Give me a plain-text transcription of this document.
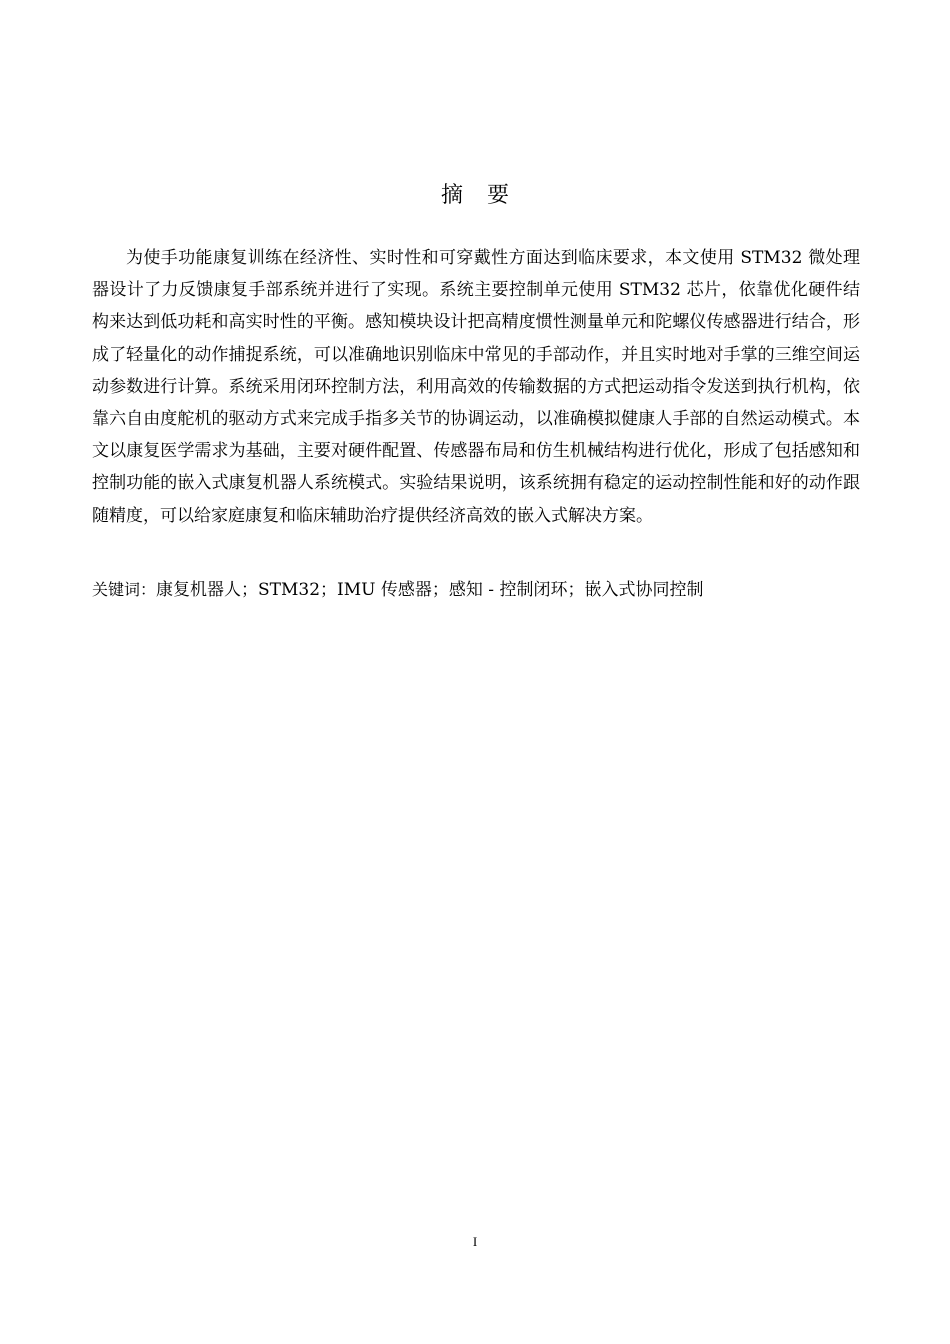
摘要

为使手功能康复训练在经济性、实时性和可穿戴性方面达到临床要求，本文使用 STM32 微处理器设计了力反馈康复手部系统并进行了实现。系统主要控制单元使用 STM32 芯片，依靠优化硬件结构来达到低功耗和高实时性的平衡。感知模块设计把高精度惯性测量单元和陀螺仪传感器进行结合，形成了轻量化的动作捕捉系统，可以准确地识别临床中常见的手部动作，并且实时地对手掌的三维空间运动参数进行计算。系统采用闭环控制方法，利用高效的传输数据的方式把运动指令发送到执行机构，依靠六自由度舵机的驱动方式来完成手指多关节的协调运动，以准确模拟健康人手部的自然运动模式。本文以康复医学需求为基础，主要对硬件配置、传感器布局和仿生机械结构进行优化，形成了包括感知和控制功能的嵌入式康复机器人系统模式。实验结果说明，该系统拥有稳定的运动控制性能和好的动作跟随精度，可以给家庭康复和临床辅助治疗提供经济高效的嵌入式解决方案。

关键词：康复机器人；STM32；IMU 传感器；感知 - 控制闭环；嵌入式协同控制

I
